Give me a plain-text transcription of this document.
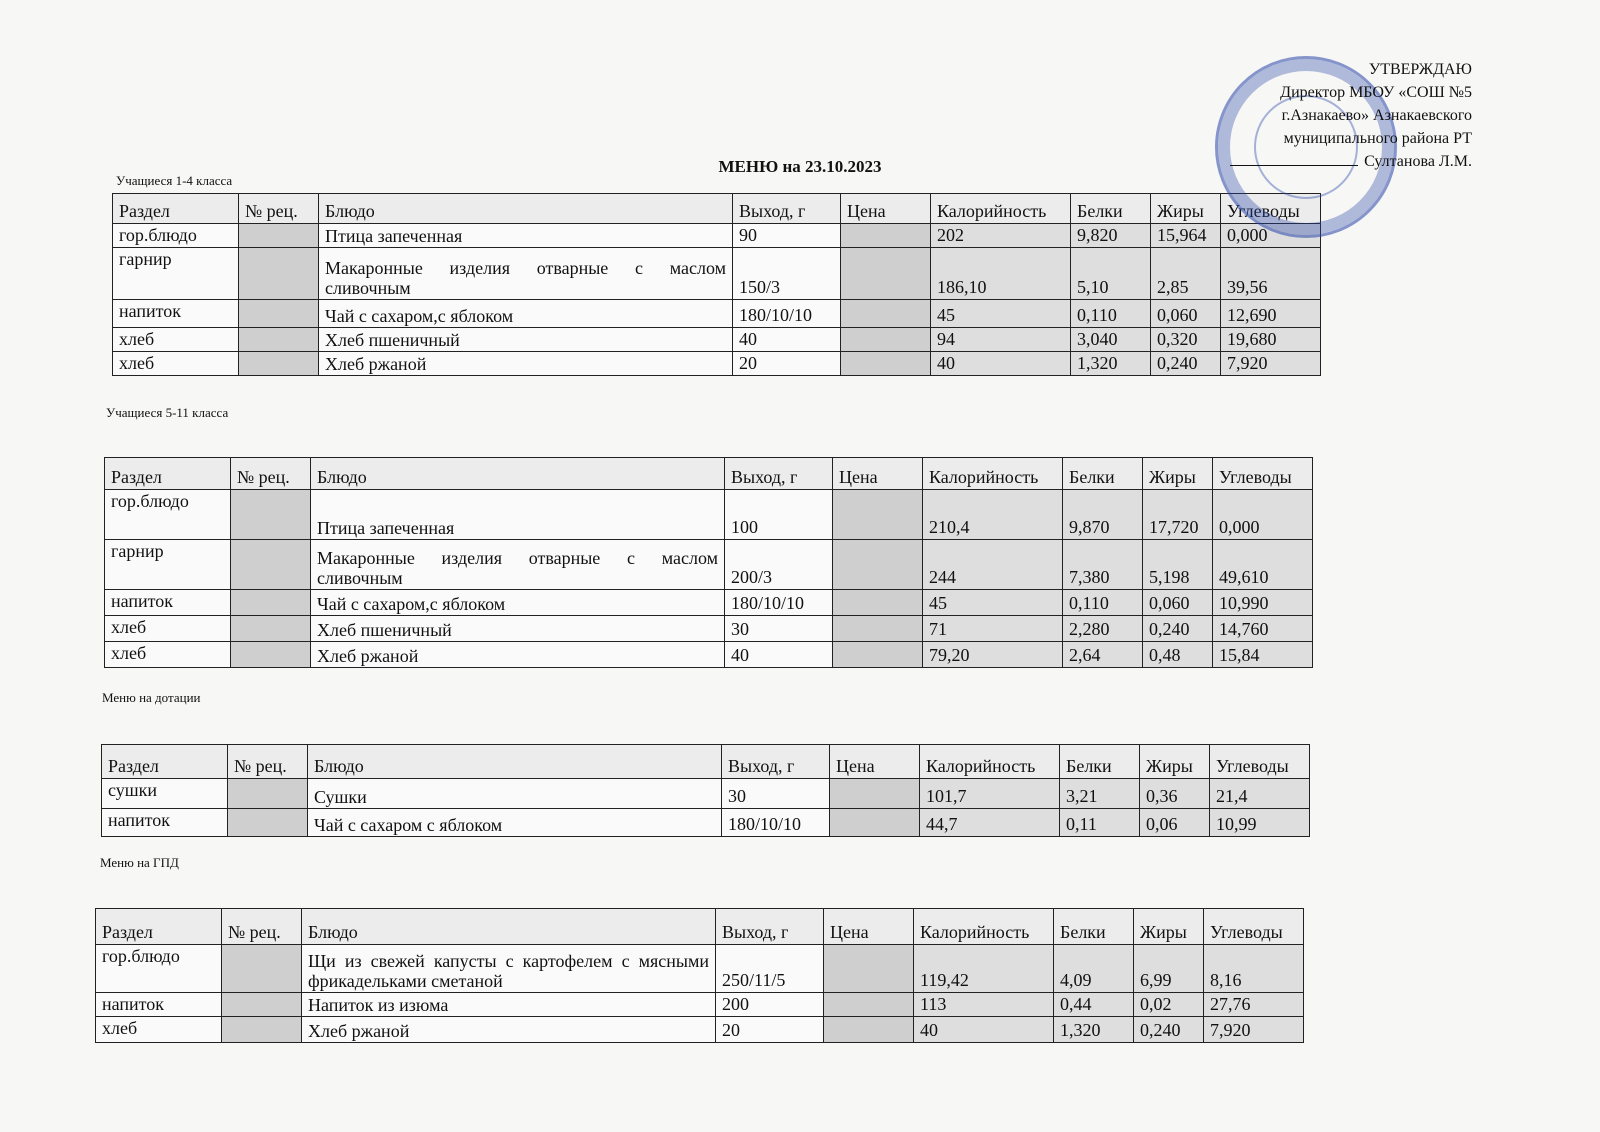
УТВЕРЖДАЮ
Директор МБОУ «СОШ №5
г.Азнакаево» Азнакаевского
муниципального района РТ
Султанова Л.М.
МЕНЮ на 23.10.2023
Учащиеся 1-4 класса
Раздел	№ рец.	Блюдо	Выход, г	Цена	Калорийность	Белки	Жиры	Углеводы
гор.блюдо		Птица запеченная	90		202	9,820	15,964	0,000
гарнир		Макаронные изделия отварные с маслом сливочным	150/3		186,10	5,10	2,85	39,56
напиток		Чай с сахаром,с яблоком	180/10/10		45	0,110	0,060	12,690
хлеб		Хлеб пшеничный	40		94	3,040	0,320	19,680
хлеб		Хлеб ржаной	20		40	1,320	0,240	7,920
Учащиеся 5-11 класса
Раздел	№ рец.	Блюдо	Выход, г	Цена	Калорийность	Белки	Жиры	Углеводы
гор.блюдо		Птица запеченная	100		210,4	9,870	17,720	0,000
гарнир		Макаронные изделия отварные с маслом сливочным	200/3		244	7,380	5,198	49,610
напиток		Чай с сахаром,с яблоком	180/10/10		45	0,110	0,060	10,990
хлеб		Хлеб пшеничный	30		71	2,280	0,240	14,760
хлеб		Хлеб ржаной	40		79,20	2,64	0,48	15,84
Меню на дотации
Раздел	№ рец.	Блюдо	Выход, г	Цена	Калорийность	Белки	Жиры	Углеводы
сушки		Сушки	30		101,7	3,21	0,36	21,4
напиток		Чай с сахаром с яблоком	180/10/10		44,7	0,11	0,06	10,99
Меню на ГПД
Раздел	№ рец.	Блюдо	Выход, г	Цена	Калорийность	Белки	Жиры	Углеводы
гор.блюдо		Щи из свежей капусты с картофелем с мясными фрикадельками сметаной	250/11/5		119,42	4,09	6,99	8,16
напиток		Напиток из изюма	200		113	0,44	0,02	27,76
хлеб		Хлеб ржаной	20		40	1,320	0,240	7,920
